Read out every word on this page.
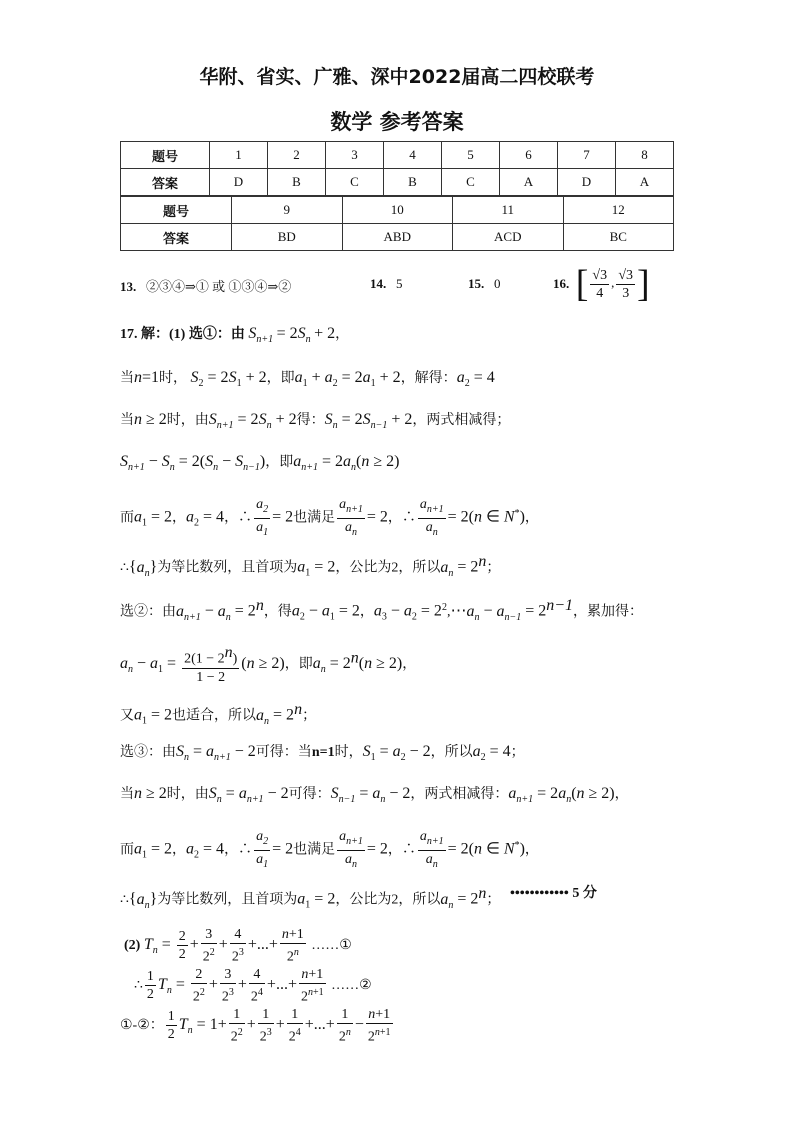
华附、省实、广雅、深中2022届高二四校联考
数学 参考答案
题号	1	2	3	4	5	6	7	8
答案	D	B	C	B	C	A	D	A
题号	9	10	11	12
答案	BD	ABD	ACD	BC
13. ②③④⇒① 或 ①③④⇒②	14. 5	15. 0	16. [ $\frac{√3}{4}$ , $\frac{√3}{3}$ ]
17. 解：(1) 选①：由 $S_{n+1} = 2S_n + 2$，
当n=1时， $S_2 = 2S_1 + 2$，即$a_1 + a_2 = 2a_1 + 2$，解得：$a_2 = 4$
当n ≥ 2时，由$S_{n+1} = 2S_n + 2$得：$S_n = 2S_{n-1} + 2$，两式相减得；
$S_{n+1} - S_n = 2(S_n - S_{n-1})$，即$a_{n+1} = 2a_n(n \ge 2)$
而$a_1 = 2$，$a_2 = 4$，∴ $\frac{a_2}{a_1} = 2$也满足 $\frac{a_{n+1}}{a_n} = 2$，∴ $\frac{a_{n+1}}{a_n} = 2(n$ ∈ N*)，
$\therefore\{a_n\}$为等比数列，且首项为$a_1 = 2$，公比为2，所以$a_n = 2^n$；
选②：由$a_{n+1} - a_n = 2^n$，得$a_2 - a_1 = 2$，$a_3 - a_2$ = $2^2,\cdots a_n - a_{n-1} = 2^{n-1}$，累加得：
$a_n - a_1 = \frac{2(1 - 2^n)}{1 - 2} (n \ge 2)$，即$a_n = 2^n(n \ge 2)$，
又$a_1 = 2$也适合，所以$a_n = 2^n$；
选③：由$S_n = a_{n+1} - 2$可得：当n=1时，$S_1 = a_2 - 2$，所以$a_2 = 4$；
当n ≥ 2时，由$S_n = a_{n+1} - 2$可得：$S_{n-1} = a_n - 2$，两式相减得：$a_{n+1} = 2a_n(n \ge 2)$，
而$a_1 = 2$，$a_2 = 4$，∴ $\frac{a_2}{a_1} = 2$也满足 $\frac{a_{n+1}}{a_n} = 2$，∴ $\frac{a_{n+1}}{a_n} = 2(n$ ∈ N*)，
$\therefore\{a_n\}$为等比数列，且首项为$a_1 = 2$，公比为2，所以$a_n = 2^n$； •••••••••••• 5 分
(2) $T_n = \frac{2}{2} + \frac{3}{2^2} + \frac{4}{2^3}$ +...+ $\frac{n+1}{2^n}$ ……①
∴ $\frac{1}{2} T_n = \frac{2}{2^2} + \frac{3}{2^3} + \frac{4}{2^4}$ +...+ $\frac{n+1}{2^{n+1}}$ ……②
①-②： $\frac{1}{2} T_n = 1+ \frac{1}{2^2} + \frac{1}{2^3} + \frac{1}{2^4}$ +...+ $\frac{1}{2^n} - \frac{n+1}{2^{n+1}}$
